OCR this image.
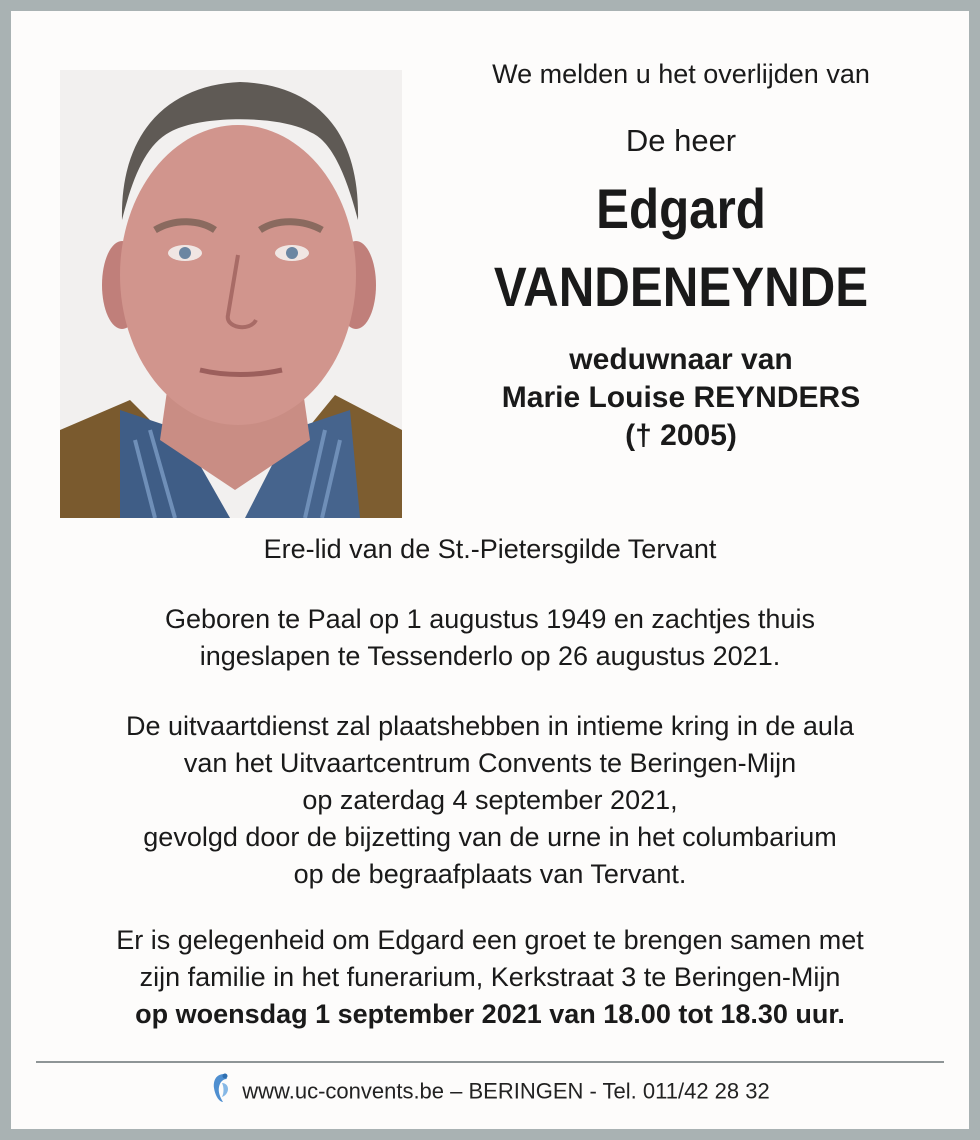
We melden u het overlijden van
De heer
Edgard
VANDENEYNDE
weduwnaar van
Marie Louise REYNDERS
(† 2005)
Ere-lid van de St.-Pietersgilde Tervant
Geboren te Paal op 1 augustus 1949 en zachtjes thuis
ingeslapen te Tessenderlo op 26 augustus 2021.
De uitvaartdienst zal plaatshebben in intieme kring in de aula
van het Uitvaartcentrum Convents te Beringen-Mijn
op zaterdag 4 september 2021,
gevolgd door de bijzetting van de urne in het columbarium
op de begraafplaats van Tervant.
Er is gelegenheid om Edgard een groet te brengen samen met
zijn familie in het funerarium, Kerkstraat 3 te Beringen-Mijn
op woensdag 1 september 2021 van 18.00 tot 18.30 uur.
www.uc-convents.be – BERINGEN - Tel. 011/42 28 32
